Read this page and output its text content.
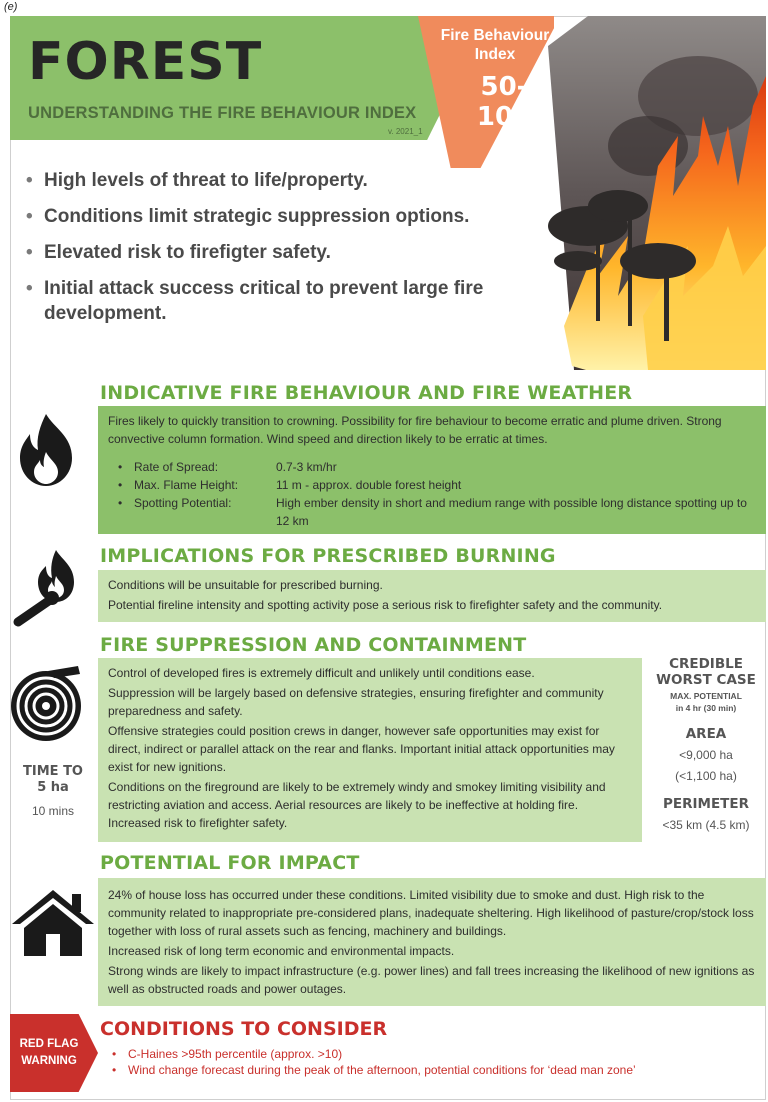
(e)
FOREST
UNDERSTANDING THE FIRE BEHAVIOUR INDEX
v. 2021_1
Fire Behaviour
Index
50-
100
• High levels of threat to life/property.
• Conditions limit strategic suppression options.
• Elevated risk to firefigter safety.
• Initial attack success critical to prevent large fire development.
INDICATIVE FIRE BEHAVIOUR AND FIRE WEATHER
Fires likely to quickly transition to crowning. Possibility for fire behaviour to become erratic and plume driven. Strong convective column formation. Wind speed and direction likely to be erratic at times.
• Rate of Spread:	0.7-3 km/hr
• Max. Flame Height:	11 m - approx. double forest height
• Spotting Potential:	High ember density in short and medium range with possible long distance spotting up to 12 km
IMPLICATIONS FOR PRESCRIBED BURNING

Conditions will be unsuitable for prescribed burning.

Potential fireline intensity and spotting activity pose a serious risk to firefighter safety and the community.

TIME TO
5 ha
10 mins
FIRE SUPPRESSION AND CONTAINMENT

Control of developed fires is extremely difficult and unlikely until conditions ease.

Suppression will be largely based on defensive strategies, ensuring firefighter and community preparedness and safety.

Offensive strategies could position crews in danger, however safe opportunities may exist for direct, indirect or parallel attack on the rear and flanks. Important initial attack opportunities may exist for new ignitions.

Conditions on the fireground are likely to be extremely windy and smokey limiting visibility and restricting aviation and access. Aerial resources are likely to be ineffective at holding fire. Increased risk to firefighter safety.

CREDIBLE
WORST CASE
MAX. POTENTIAL
in 4 hr (30 min)
AREA
<9,000 ha
(<1,100 ha)
PERIMETER
<35 km (4.5 km)
POTENTIAL FOR IMPACT

24% of house loss has occurred under these conditions. Limited visibility due to smoke and dust. High risk to the community related to inappropriate pre-considered plans, inadequate sheltering. High likelihood of pasture/crop/stock loss together with loss of rural assets such as fencing, machinery and buildings.

Increased risk of long term economic and environmental impacts.

Strong winds are likely to impact infrastructure (e.g. power lines) and fall trees increasing the likelihood of new ignitions as well as obstructed roads and power outages.

RED FLAG
WARNING
CONDITIONS TO CONSIDER
• C-Haines >95th percentile (approx. >10)
• Wind change forecast during the peak of the afternoon, potential conditions for ‘dead man zone’
